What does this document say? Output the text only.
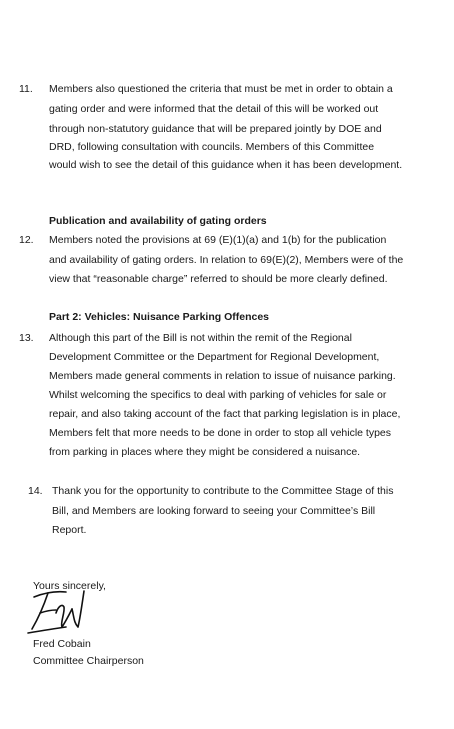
11. Members also questioned the criteria that must be met in order to obtain a
gating order and were informed that the detail of this will be worked out
through non-statutory guidance that will be prepared jointly by DOE and
DRD, following consultation with councils. Members of this Committee
would wish to see the detail of this guidance when it has been development.
Publication and availability of gating orders
12. Members noted the provisions at 69 (E)(1)(a) and 1(b) for the publication
and availability of gating orders. In relation to 69(E)(2), Members were of the
view that “reasonable charge” referred to should be more clearly defined.
Part 2: Vehicles: Nuisance Parking Offences
13. Although this part of the Bill is not within the remit of the Regional
Development Committee or the Department for Regional Development,
Members made general comments in relation to issue of nuisance parking.
Whilst welcoming the specifics to deal with parking of vehicles for sale or
repair, and also taking account of the fact that parking legislation is in place,
Members felt that more needs to be done in order to stop all vehicle types
from parking in places where they might be considered a nuisance.
14. Thank you for the opportunity to contribute to the Committee Stage of this
Bill, and Members are looking forward to seeing your Committee’s Bill
Report.
Yours sincerely,
Fred Cobain
Committee Chairperson
